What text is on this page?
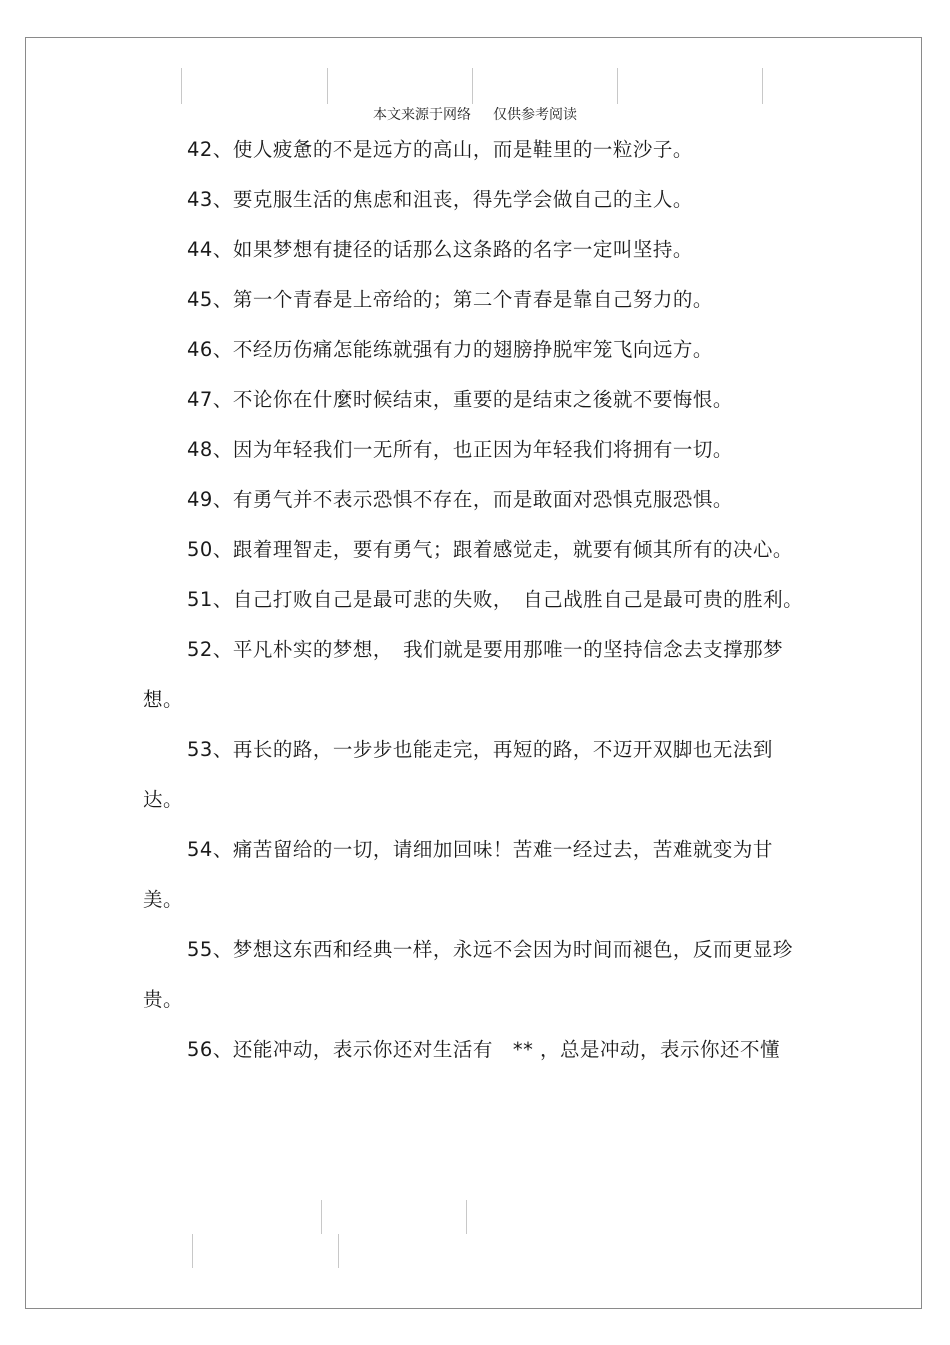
本文来源于网络 仅供参考阅读

42、使人疲惫的不是远方的高山，而是鞋里的一粒沙子。

43、要克服生活的焦虑和沮丧，得先学会做自己的主人。

44、如果梦想有捷径的话那么这条路的名字一定叫坚持。

45、第一个青春是上帝给的；第二个青春是靠自己努力的。

46、不经历伤痛怎能练就强有力的翅膀挣脱牢笼飞向远方。

47、不论你在什麼时候结束，重要的是结束之後就不要悔恨。

48、因为年轻我们一无所有，也正因为年轻我们将拥有一切。

49、有勇气并不表示恐惧不存在，而是敢面对恐惧克服恐惧。

50、跟着理智走，要有勇气；跟着感觉走，就要有倾其所有的决心。

51、自己打败自己是最可悲的失败，　自己战胜自己是最可贵的胜利。

52、平凡朴实的梦想，　我们就是要用那唯一的坚持信念去支撑那梦想。

53、再长的路，一步步也能走完，再短的路，不迈开双脚也无法到达。

54、痛苦留给的一切，请细加回味！苦难一经过去，苦难就变为甘美。

55、梦想这东西和经典一样，永远不会因为时间而褪色，反而更显珍贵。

56、还能冲动，表示你还对生活有　** ，总是冲动，表示你还不懂
